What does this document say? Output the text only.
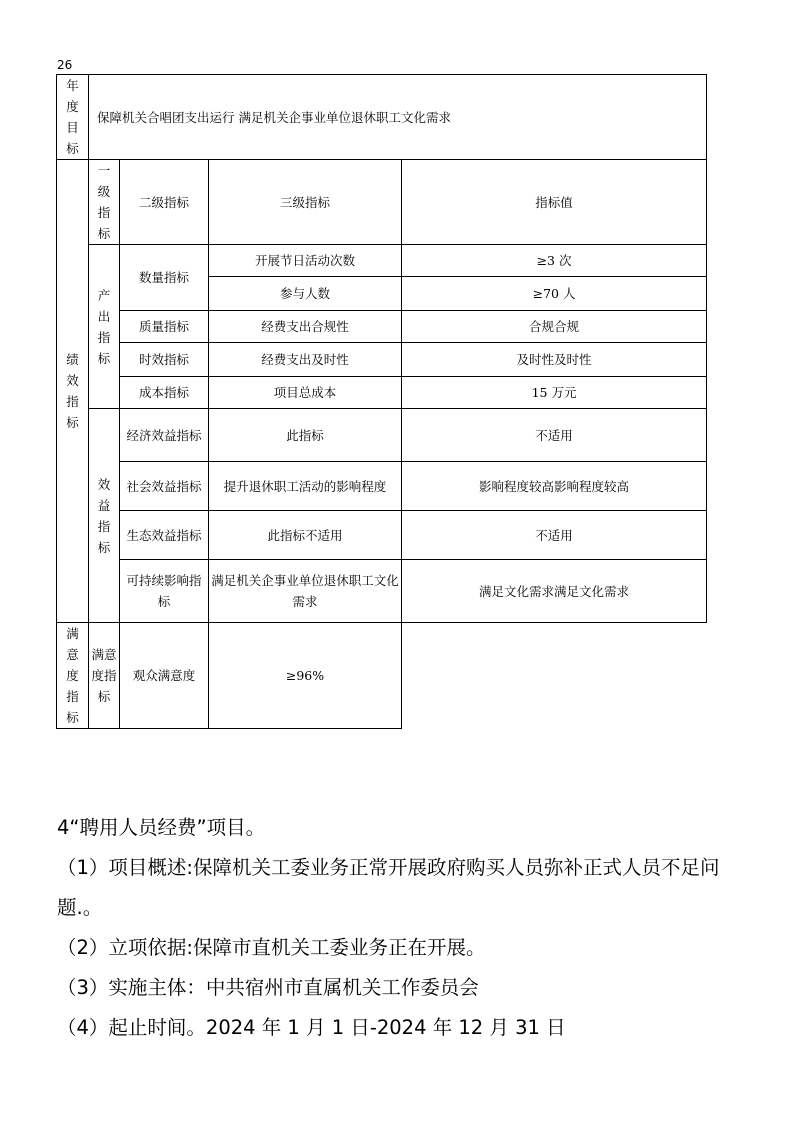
26
年度目标	保障机关合唱团支出运行 满足机关企事业单位退休职工文化需求			

绩效指标	一级指标	二级指标	三级指标	指标值

	产出指标	数量指标	开展节日活动次数	≥3 次
			参与人数	≥70 人
		质量指标	经费支出合规性	合规合规
		时效指标	经费支出及时性	及时性及时性
		成本指标	项目总成本	15 万元

	效益指标	经济效益指标	此指标	不适用
		社会效益指标	提升退休职工活动的影响程度	影响程度较高影响程度较高
		生态效益指标	此指标不适用	不适用
		可持续影响指标	满足机关企事业单位退休职工文化需求	满足文化需求满足文化需求

满意度指标	满意度指标	观众满意度	≥96%	

4“聘用人员经费”项目。

（1）项目概述:保障机关工委业务正常开展政府购买人员弥补正式人员不足问题.。

（2）立项依据:保障市直机关工委业务正在开展。

（3）实施主体：中共宿州市直属机关工作委员会

（4）起止时间。2024 年 1 月 1 日-2024 年 12 月 31 日
